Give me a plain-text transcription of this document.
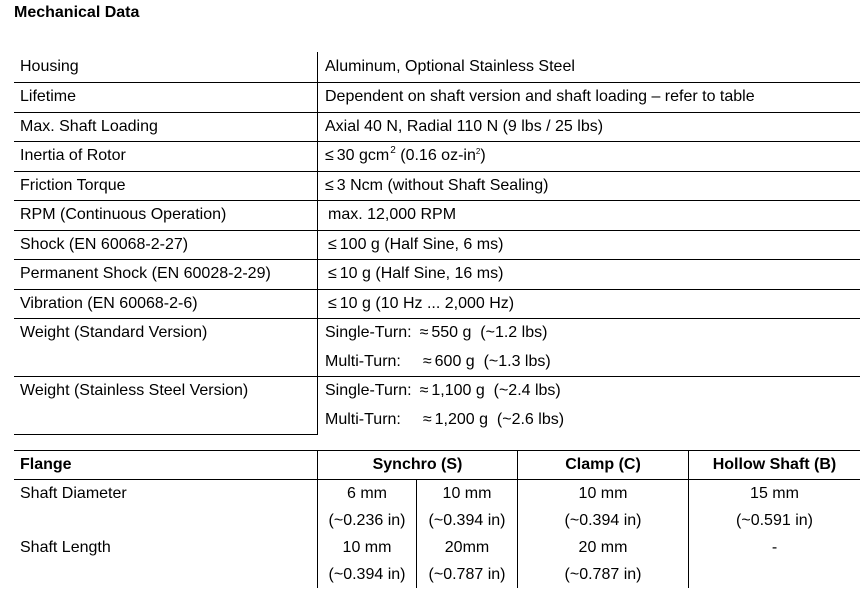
Mechanical Data
Housing	Aluminum, Optional Stainless Steel
Lifetime	Dependent on shaft version and shaft loading – refer to table
Max. Shaft Loading	Axial 40 N, Radial 110 N (9 lbs / 25 lbs)
Inertia of Rotor	≤ 30 gcm$^2$ (0.16 $oz-in^2$)
Friction Torque	≤ 3 Ncm (without Shaft Sealing)
RPM (Continuous Operation)	max. 12,000 RPM
Shock (EN 60068-2-27)	≤ 100 g (Half Sine, 6 ms)
Permanent Shock (EN 60028-2-29)	≤ 10 g (Half Sine, 16 ms)
Vibration (EN 60068-2-6)	≤ 10 g (10 Hz ... 2,000 Hz)
Weight (Standard Version)	Single-Turn: ≈ 550 g  (~1.2 lbs)
	Multi-Turn: ≈ 600 g  (~1.3 lbs)
Weight (Stainless Steel Version)	Single-Turn: ≈ 1,100 g  (~2.4 lbs)
	Multi-Turn: ≈ 1,200 g  (~2.6 lbs)
Flange	Synchro (S)		Clamp (C)	Hollow Shaft (B)
Shaft Diameter	6 mm	10 mm	10 mm	15 mm
	(~0.236 in)	(~0.394 in)	(~0.394 in)	(~0.591 in)
Shaft Length	10 mm	20mm	20 mm	-
	(~0.394 in)	(~0.787 in)	(~0.787 in)	
